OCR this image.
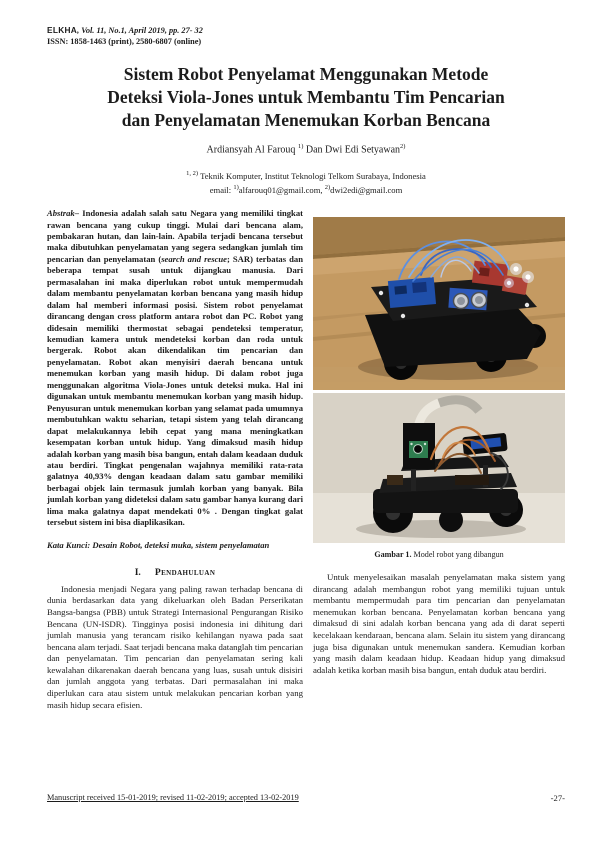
ELKHA, Vol. 11, No.1, April 2019, pp. 27- 32
ISSN: 1858-1463 (print), 2580-6807 (online)
Sistem Robot Penyelamat Menggunakan Metode
Deteksi Viola-Jones untuk Membantu Tim Pencarian
dan Penyelamatan Menemukan Korban Bencana
Ardiansyah Al Farouq $^{1)}$ Dan Dwi Edi Setyawan$^{2)}$
$^{1, 2)}$ Teknik Komputer, Institut Teknologi Telkom Surabaya, Indonesia
email: $^{1)}$alfarouq01@gmail.com, $^{2)}$dwi2edi@gmail.com
Abstrak– Indonesia adalah salah satu Negara yang memiliki tingkat rawan bencana yang cukup tinggi. Mulai dari bencana alam, pembakaran hutan, dan lain-lain. Apabila terjadi bencana tersebut maka dibutuhkan penyelamatan yang segera sedangkan jumlah tim pencarian dan penyelamatan (search and rescue; SAR) terbatas dan beberapa tempat susah untuk dijangkau manusia. Dari permasalahan ini maka diperlukan robot untuk mempermudah dalam membantu penyelamatan korban bencana yang masih hidup dalam hal memberi informasi posisi. Sistem robot penyelamat dirancang dengan cross platform antara robot dan PC. Robot yang didesain memiliki thermostat sebagai pendeteksi temperatur, kemudian kamera untuk mendeteksi korban dan roda untuk bergerak. Robot akan dikendalikan tim pencarian dan penyelamatan. Robot akan menyisiri daerah bencana untuk menemukan korban yang masih hidup. Di dalam robot juga menggunakan algoritma Viola-Jones untuk deteksi muka. Hal ini digunakan untuk membantu menemukan korban yang masih hidup. Penyusuran untuk menemukan korban yang selamat pada umumnya membutuhkan waktu seharian, tetapi sistem yang telah dirancang dapat melakukannya lebih cepat yang mana meningkatkan kesempatan korban untuk hidup. Yang dimaksud masih hidup adalah korban yang masih bisa bangun, entah dalam keadaan duduk atau berdiri. Tingkat pengenalan wajahnya memiliki rata-rata galatnya 40,93% dengan keadaan dalam satu gambar memiliki berbagai objek lain termasuk jumlah korban yang banyak. Bila jumlah korban yang dideteksi dalam satu gambar hanya kurang dari lima maka galatnya dapat mendekati 0% . Dengan tingkat galat tersebut sistem ini bisa diaplikasikan.
Kata Kunci: Desain Robot, deteksi muka, sistem penyelamatan
I. Pendahuluan
Indonesia menjadi Negara yang paling rawan terhadap bencana di dunia berdasarkan data yang dikeluarkan oleh Badan Perserikatan Bangsa-bangsa (PBB) untuk Strategi Internasional Pengurangan Risiko Bencana (UN-ISDR). Tingginya posisi indonesia ini dihitung dari jumlah manusia yang terancam risiko kehilangan nyawa pada saat bencana alam terjadi. Saat terjadi bencana maka datanglah tim pencarian dan penyelamatan. Tim pencarian dan penyelamatan sering kali kewalahan dikarenakan daerah bencana yang luas, susah untuk disisiri dan jumlah anggota yang terbatas. Dari permasalahan ini maka diperlukan cara atau sistem untuk melakukan pencarian korban yang masih hidup secara efisien.
Gambar 1. Model robot yang dibangun
Untuk menyelesaikan masalah penyelamatan maka sistem yang dirancang adalah membangun robot yang memiliki tujuan untuk membantu mempermudah para tim pencarian dan penyelamatan menemukan korban bencana. Penyelamatan korban bencana yang dimaksud di sini adalah korban bencana yang ada di darat seperti kecelakaan kendaraan, bencana alam. Selain itu sistem yang dirancang juga bisa digunakan untuk menemukan sandera. Kemudian korban yang masih dalam keadaan hidup. Keadaan hidup yang dimaksud adalah ketika korban masih bisa bangun, entah duduk atau berdiri.
Manuscript received 15-01-2019; revised 11-02-2019; accepted 13-02-2019	-27-
